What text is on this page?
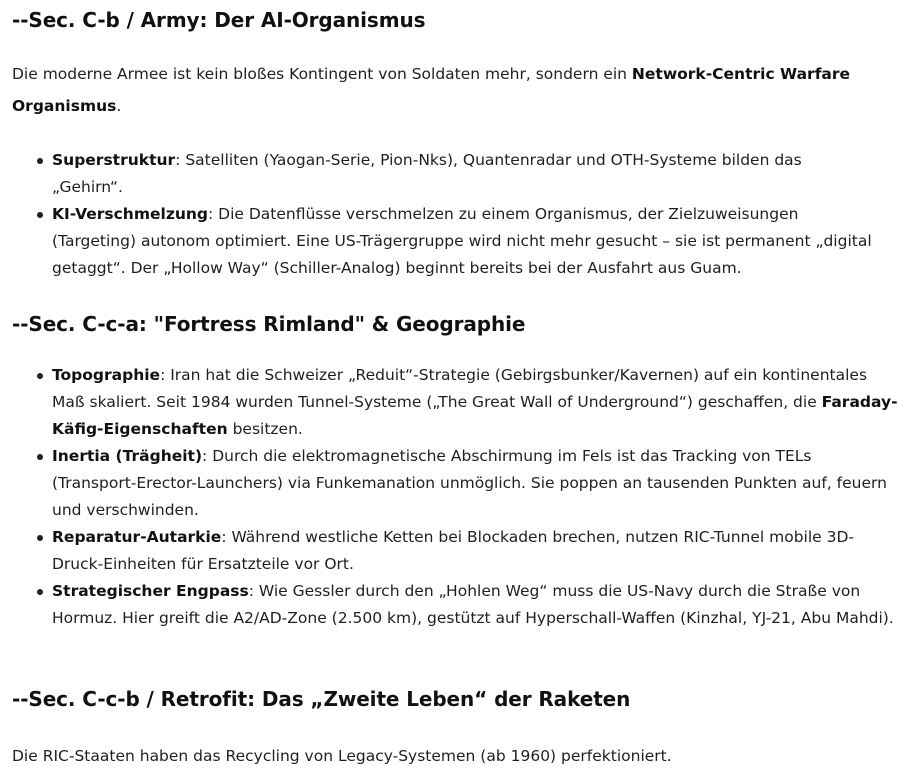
--Sec. C-b / Army: Der AI-Organismus

Die moderne Armee ist kein bloßes Kontingent von Soldaten mehr, sondern ein Network-Centric Warfare Organismus.

Superstruktur: Satelliten (Yaogan-Serie, Pion-Nks), Quantenradar und OTH-Systeme bilden das „Gehirn“.
KI-Verschmelzung: Die Datenflüsse verschmelzen zu einem Organismus, der Zielzuweisungen (Targeting) autonom optimiert. Eine US-Trägergruppe wird nicht mehr gesucht – sie ist permanent „digital getaggt“. Der „Hollow Way“ (Schiller-Analog) beginnt bereits bei der Ausfahrt aus Guam.
--Sec. C-c-a: "Fortress Rimland" & Geographie
Topographie: Iran hat die Schweizer „Reduit“-Strategie (Gebirgsbunker/Kavernen) auf ein kontinentales Maß skaliert. Seit 1984 wurden Tunnel-Systeme („The Great Wall of Underground“) geschaffen, die Faraday-Käfig-Eigenschaften besitzen.
Inertia (Trägheit): Durch die elektromagnetische Abschirmung im Fels ist das Tracking von TELs (Transport-Erector-Launchers) via Funkemanation unmöglich. Sie poppen an tausenden Punkten auf, feuern und verschwinden.
Reparatur-Autarkie: Während westliche Ketten bei Blockaden brechen, nutzen RIC-Tunnel mobile 3D-Druck-Einheiten für Ersatzteile vor Ort.
Strategischer Engpass: Wie Gessler durch den „Hohlen Weg“ muss die US-Navy durch die Straße von Hormuz. Hier greift die A2/AD-Zone (2.500 km), gestützt auf Hyperschall-Waffen (Kinzhal, YJ-21, Abu Mahdi).
--Sec. C-c-b / Retrofit: Das „Zweite Leben“ der Raketen

Die RIC-Staaten haben das Recycling von Legacy-Systemen (ab 1960) perfektioniert.
